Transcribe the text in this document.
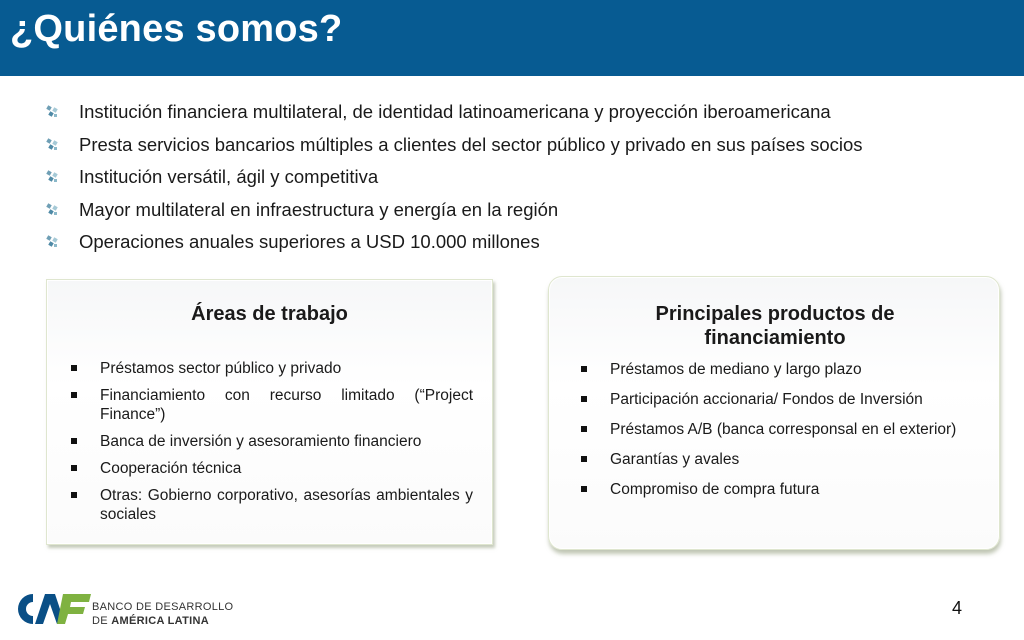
¿Quiénes somos?
Institución financiera multilateral, de identidad latinoamericana y proyección iberoamericana
Presta servicios bancarios múltiples a clientes del sector público y privado en sus países socios
Institución versátil, ágil y competitiva
Mayor multilateral en infraestructura y energía en la región
Operaciones anuales superiores a USD 10.000 millones
Áreas de trabajo
Préstamos sector público y privado
Financiamiento con recurso limitado (“Project Finance”)
Banca de inversión y asesoramiento financiero
Cooperación técnica
Otras: Gobierno corporativo, asesorías ambientales y sociales
Principales productos de financiamiento
Préstamos de mediano y largo plazo
Participación accionaria/ Fondos de Inversión
Préstamos A/B (banca corresponsal en el exterior)
Garantías y avales
Compromiso de compra futura
BANCO DE DESARROLLO
DE AMÉRICA LATINA
4
